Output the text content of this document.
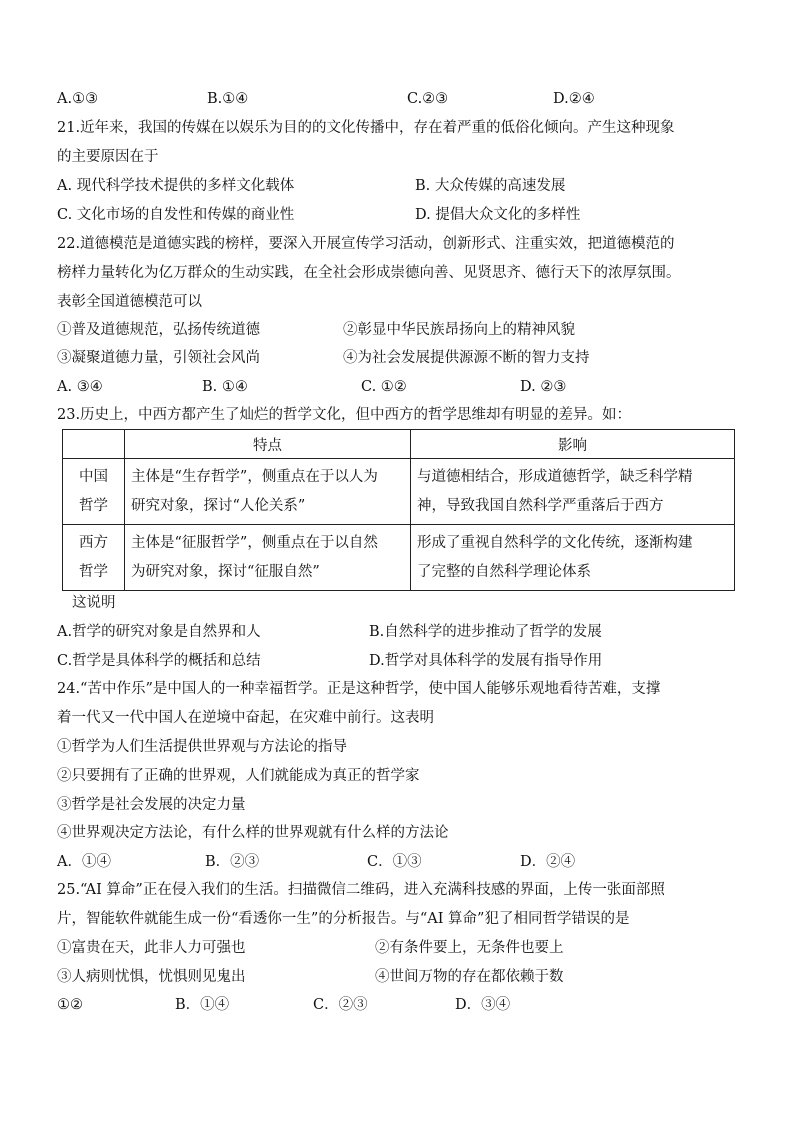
A.①③	B.①④	C.②③	D.②④
21.近年来，我国的传媒在以娱乐为目的的文化传播中，存在着严重的低俗化倾向。产生这种现象
的主要原因在于
A. 现代科学技术提供的多样文化载体	B. 大众传媒的高速发展
C. 文化市场的自发性和传媒的商业性	D. 提倡大众文化的多样性
22.道德模范是道德实践的榜样，要深入开展宣传学习活动，创新形式、注重实效，把道德模范的
榜样力量转化为亿万群众的生动实践，在全社会形成崇德向善、见贤思齐、德行天下的浓厚氛围。
表彰全国道德模范可以
①普及道德规范，弘扬传统道德	②彰显中华民族昂扬向上的精神风貌
③凝聚道德力量，引领社会风尚	④为社会发展提供源源不断的智力支持
A. ③④	B. ①④	C. ①②	D. ②③
23.历史上，中西方都产生了灿烂的哲学文化，但中西方的哲学思维却有明显的差异。如：
	特点	影响

中国
哲学	主体是“生存哲学”，侧重点在于以人为
研究对象，探讨“人伦关系”	与道德相结合，形成道德哲学，缺乏科学精
神，导致我国自然科学严重落后于西方

西方
哲学	主体是“征服哲学”，侧重点在于以自然
为研究对象，探讨“征服自然”	形成了重视自然科学的文化传统，逐渐构建
了完整的自然科学理论体系
这说明
A.哲学的研究对象是自然界和人	B.自然科学的进步推动了哲学的发展
C.哲学是具体科学的概括和总结	D.哲学对具体科学的发展有指导作用
24.“苦中作乐”是中国人的一种幸福哲学。正是这种哲学，使中国人能够乐观地看待苦难，支撑
着一代又一代中国人在逆境中奋起，在灾难中前行。这表明
①哲学为人们生活提供世界观与方法论的指导
②只要拥有了正确的世界观，人们就能成为真正的哲学家
③哲学是社会发展的决定力量
④世界观决定方法论，有什么样的世界观就有什么样的方法论
A．①④	B．②③	C．①③	D．②④
25.“AI 算命”正在侵入我们的生活。扫描微信二维码，进入充满科技感的界面，上传一张面部照
片，智能软件就能生成一份“看透你一生”的分析报告。与“AI 算命”犯了相同哲学错误的是
①富贵在天，此非人力可强也	②有条件要上，无条件也要上
③人病则忧惧，忧惧则见鬼出	④世间万物的存在都依赖于数
①②	B．①④	C．②③	D．③④
